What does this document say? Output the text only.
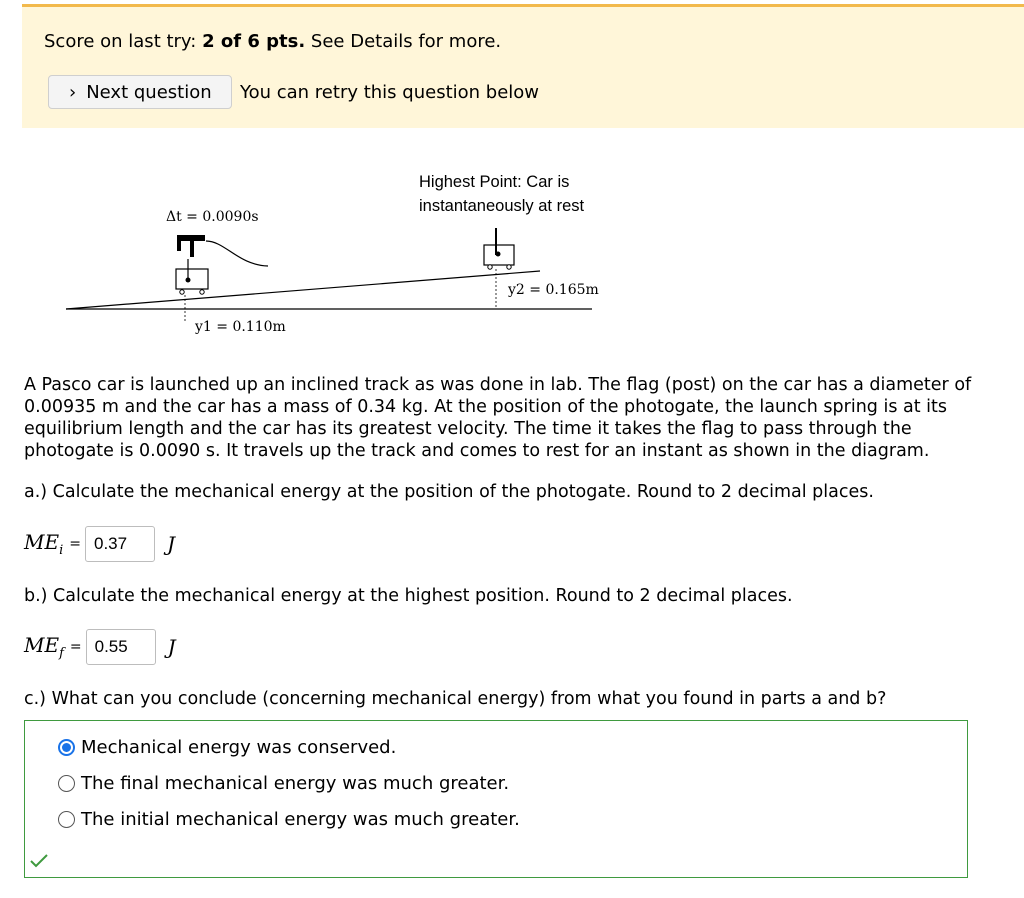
Score on last try: 2 of 6 pts. See Details for more.
› Next question You can retry this question below
Δt = 0.0090s
Highest Point: Car is
instantaneously at rest
y2 = 0.165m
y1 = 0.110m
A Pasco car is launched up an inclined track as was done in lab. The flag (post) on the car has a diameter of 0.00935 m and the car has a mass of 0.34 kg. At the position of the photogate, the launch spring is at its equilibrium length and the car has its greatest velocity. The time it takes the flag to pass through the photogate is 0.0090 s. It travels up the track and comes to rest for an instant as shown in the diagram.
a.) Calculate the mechanical energy at the position of the photogate. Round to 2 decimal places.
$ME_i$ =
0.37	J
b.) Calculate the mechanical energy at the highest position. Round to 2 decimal places.
$ME_f$ =
0.55	J
c.) What can you conclude (concerning mechanical energy) from what you found in parts a and b?
Mechanical energy was conserved.
The final mechanical energy was much greater.
The initial mechanical energy was much greater.
